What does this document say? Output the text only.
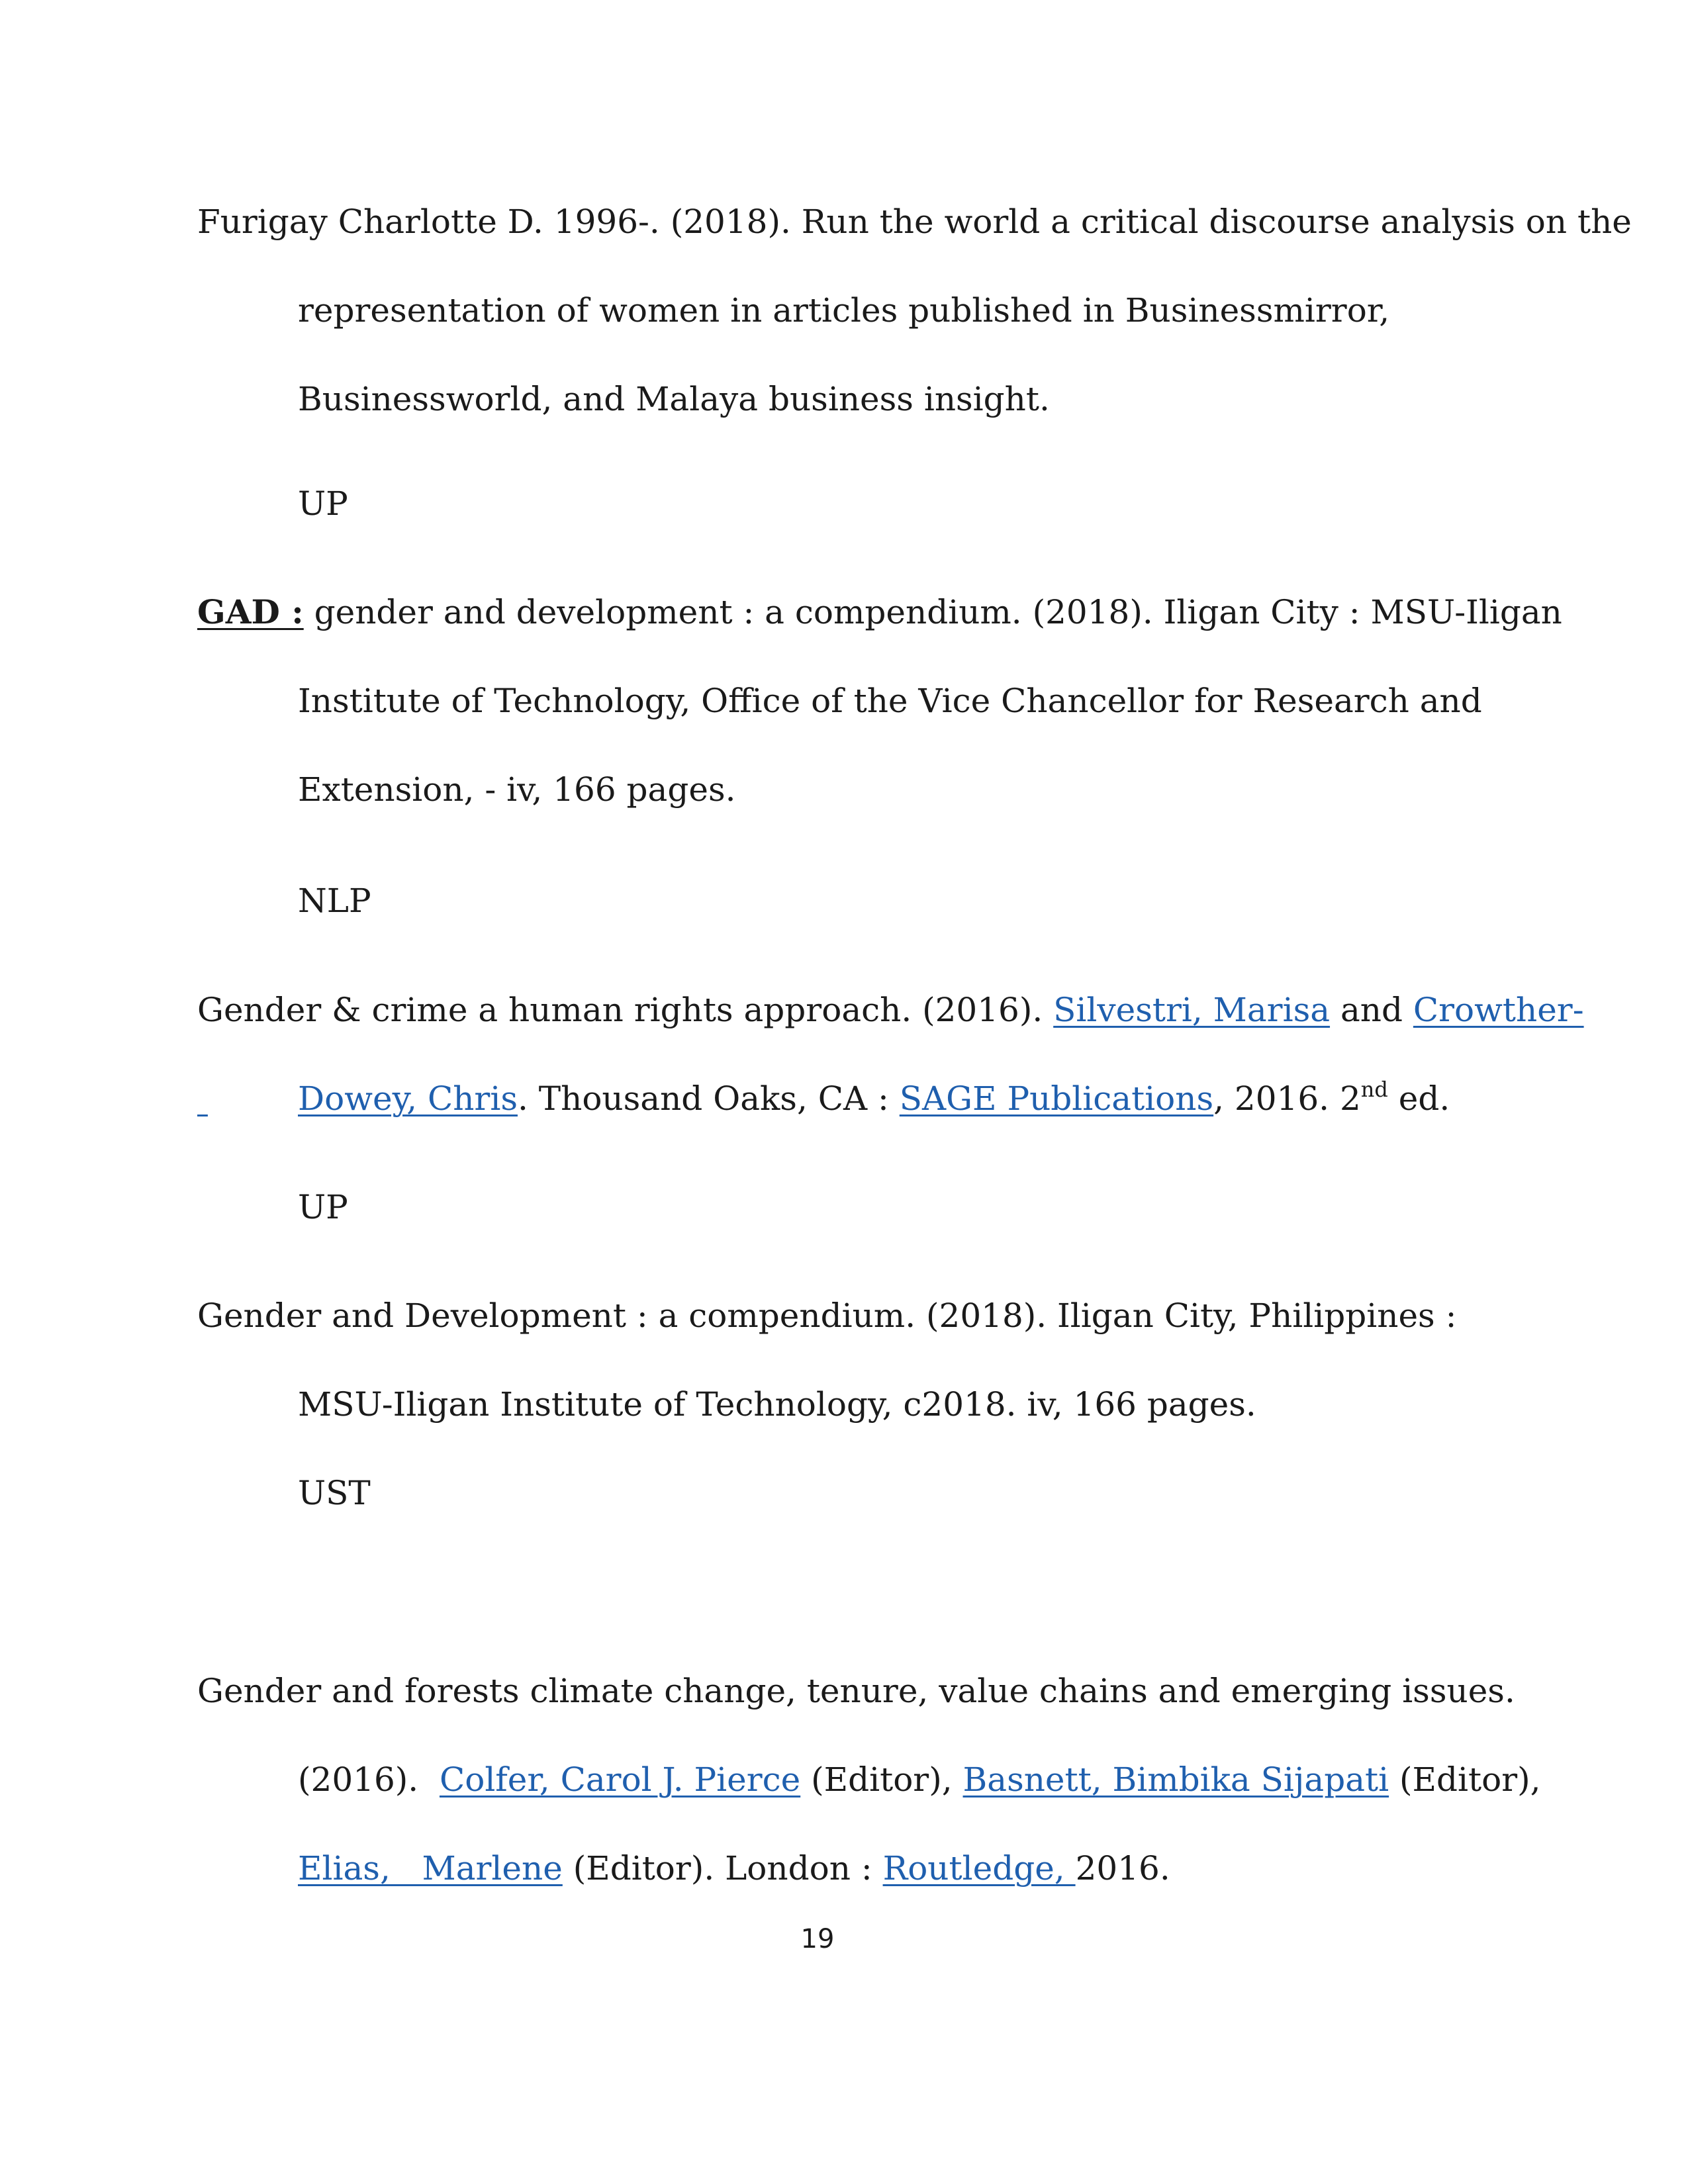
Furigay Charlotte D. 1996-. (2018). Run the world a critical discourse analysis on the
representation of women in articles published in Businessmirror,
Businessworld, and Malaya business insight.
UP
GAD : gender and development : a compendium. (2018). Iligan City : MSU-Iligan
Institute of Technology, Office of the Vice Chancellor for Research and
Extension, - iv, 166 pages.
NLP
Gender & crime a human rights approach. (2016). Silvestri, Marisa and Crowther-
Dowey, Chris. Thousand Oaks, CA : SAGE Publications, 2016. 2nd ed.
UP
Gender and Development : a compendium. (2018). Iligan City, Philippines :
MSU-Iligan Institute of Technology, c2018. iv, 166 pages.
UST
Gender and forests climate change, tenure, value chains and emerging issues.
(2016).  Colfer, Carol J. Pierce (Editor), Basnett, Bimbika Sijapati (Editor),
Elias,   Marlene (Editor). London : Routledge, 2016.
19
